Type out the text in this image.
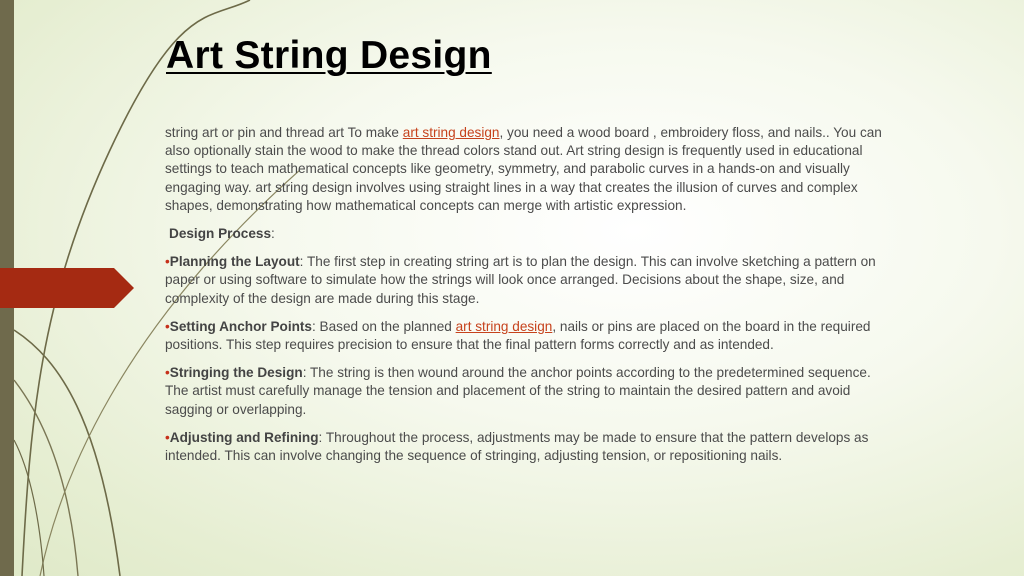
Art String Design

string art or pin and thread art To make art string design, you need a wood board , embroidery floss, and nails.. You can also optionally stain the wood to make the thread colors stand out. Art string design is frequently used in educational settings to teach mathematical concepts like geometry, symmetry, and parabolic curves in a hands-on and visually engaging way. art string design involves using straight lines in a way that creates the illusion of curves and complex shapes, demonstrating how mathematical concepts can merge with artistic expression.

Design Process:

•Planning the Layout: The first step in creating string art is to plan the design. This can involve sketching a pattern on paper or using software to simulate how the strings will look once arranged. Decisions about the shape, size, and complexity of the design are made during this stage.

•Setting Anchor Points: Based on the planned art string design, nails or pins are placed on the board in the required positions. This step requires precision to ensure that the final pattern forms correctly and as intended.

•Stringing the Design: The string is then wound around the anchor points according to the predetermined sequence. The artist must carefully manage the tension and placement of the string to maintain the desired pattern and avoid sagging or overlapping.

•Adjusting and Refining: Throughout the process, adjustments may be made to ensure that the pattern develops as intended. This can involve changing the sequence of stringing, adjusting tension, or repositioning nails.
